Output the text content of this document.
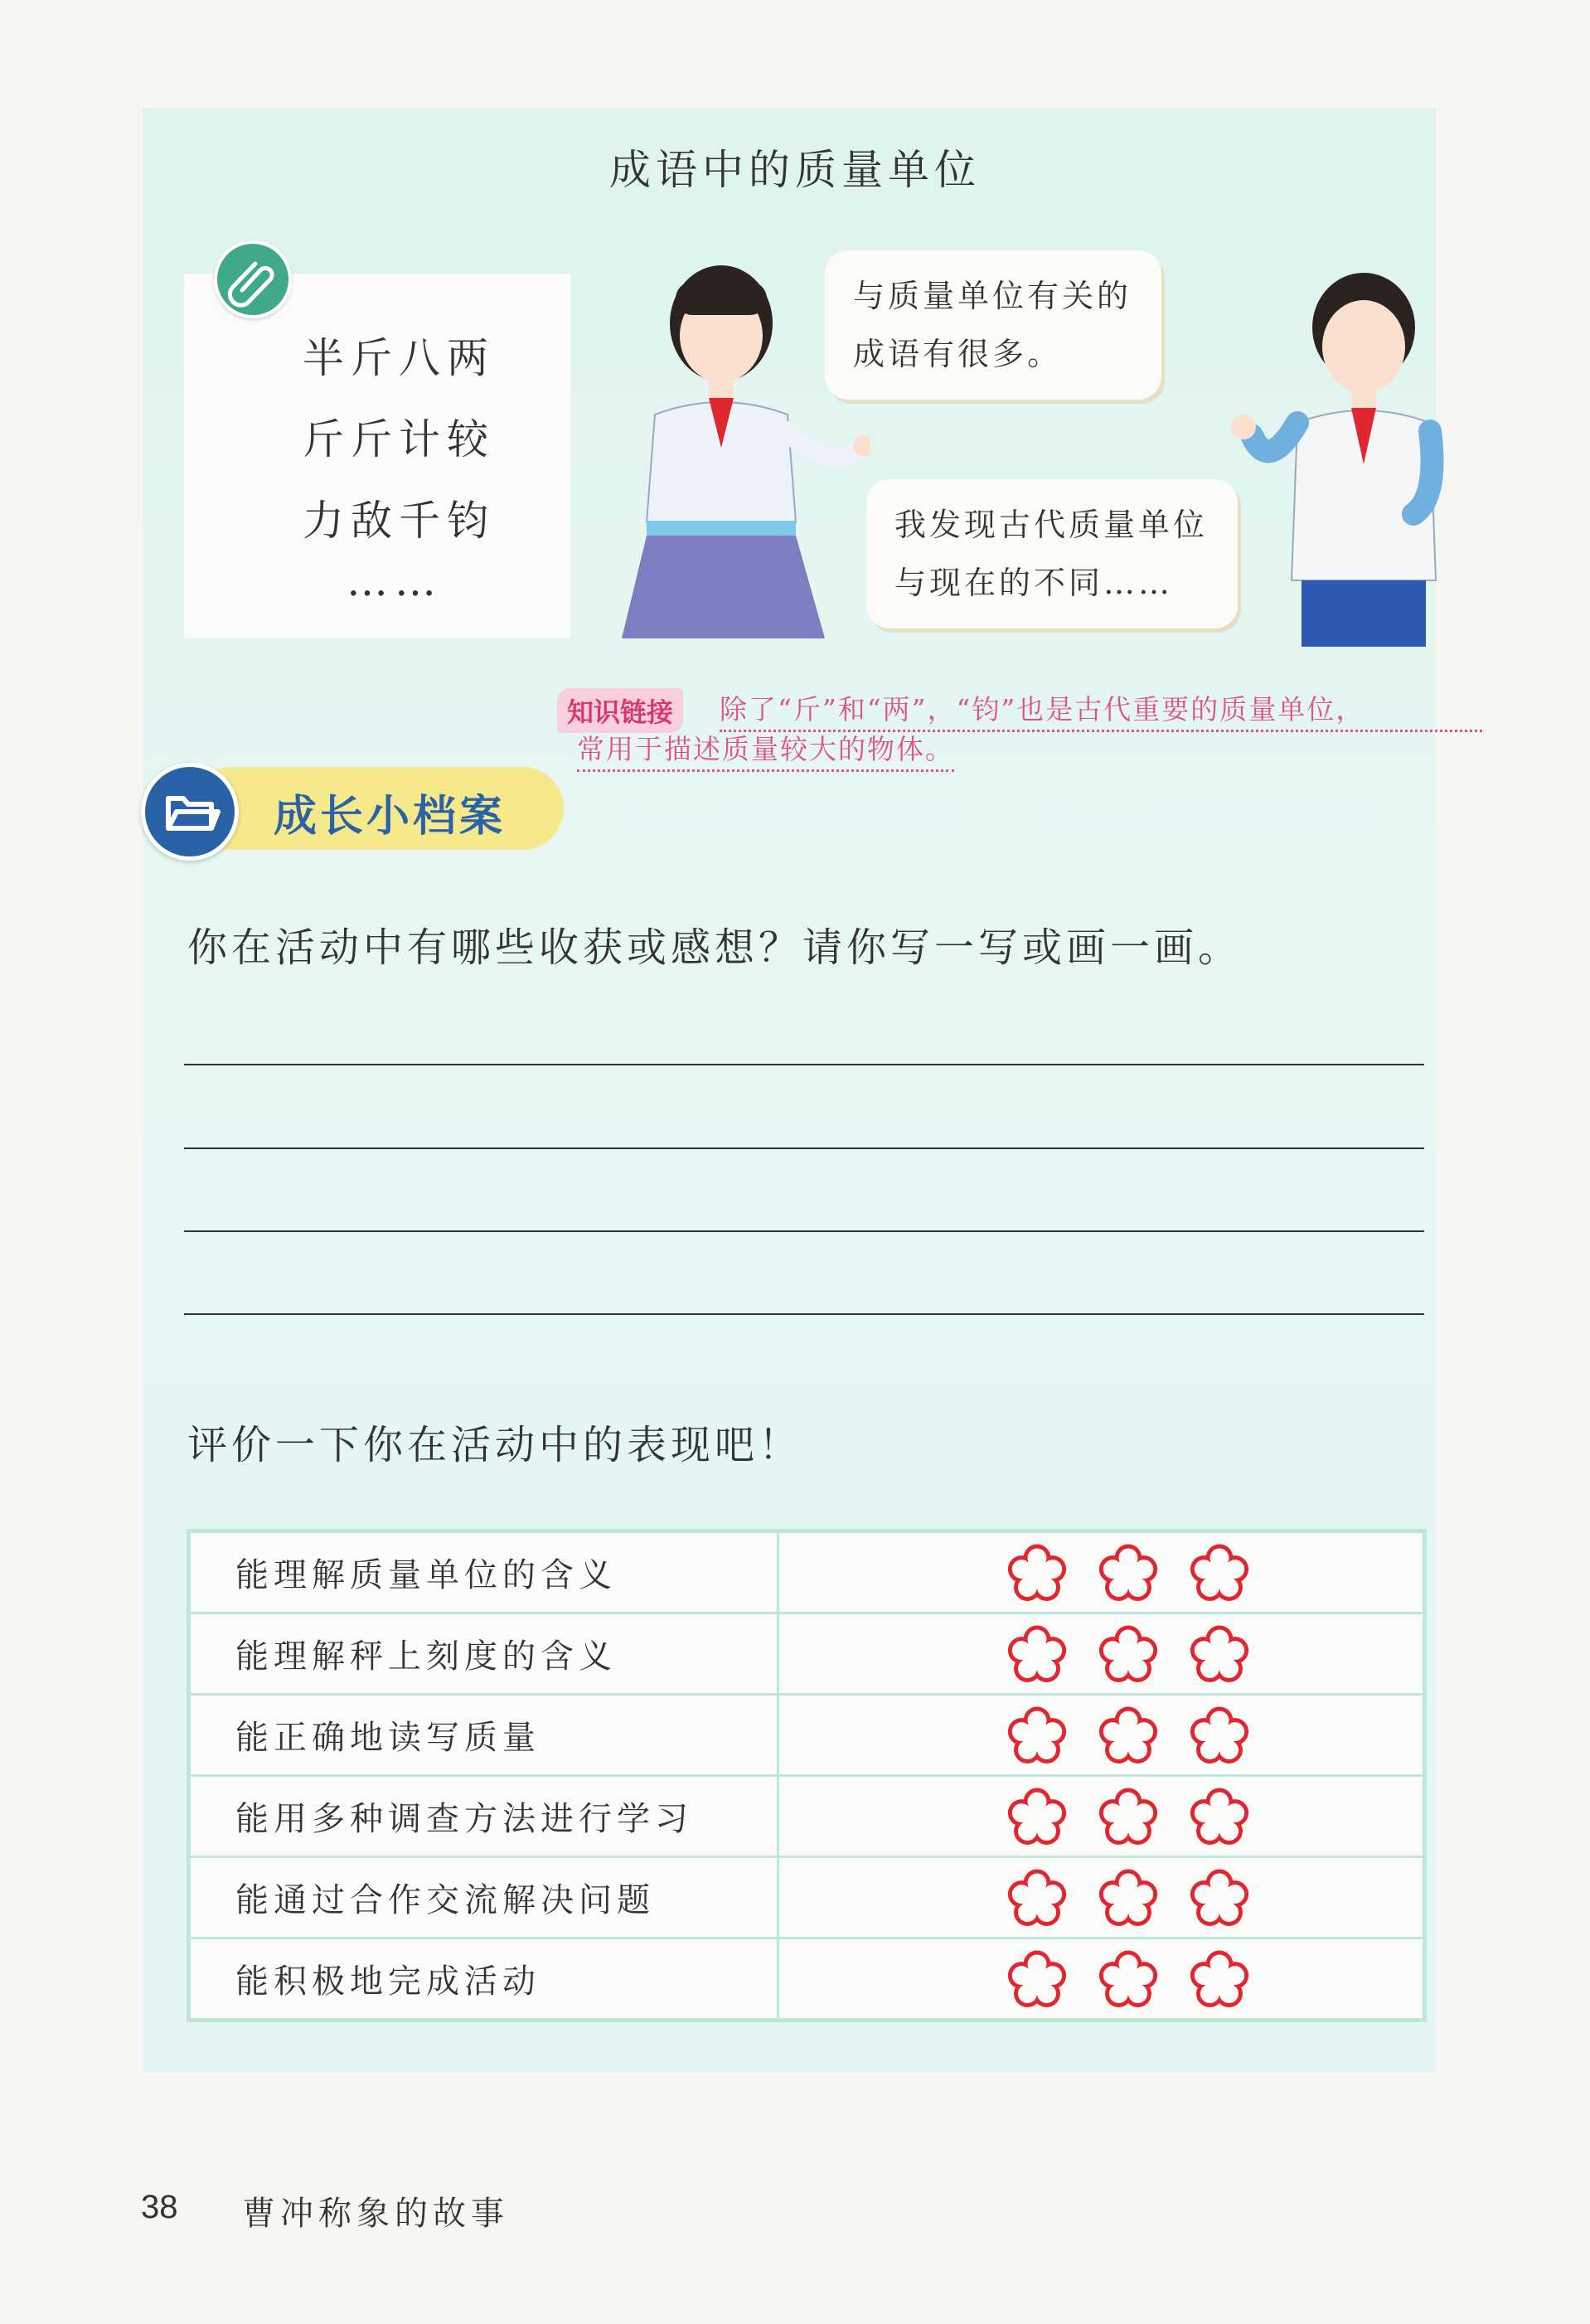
成语中的质量单位
半斤八两
斤斤计较
力敌千钧
……
与质量单位有关的
成语有很多。
我发现古代质量单位
与现在的不同……
知识链接	除了“斤”和“两”，“钧”也是古代重要的质量单位，
常用于描述质量较大的物体。
成长小档案
你在活动中有哪些收获或感想？请你写一写或画一画。
评价一下你在活动中的表现吧！
能理解质量单位的含义	

能理解秤上刻度的含义	

能正确地读写质量	

能用多种调查方法进行学习	

能通过合作交流解决问题	

能积极地完成活动	
38 曹冲称象的故事
